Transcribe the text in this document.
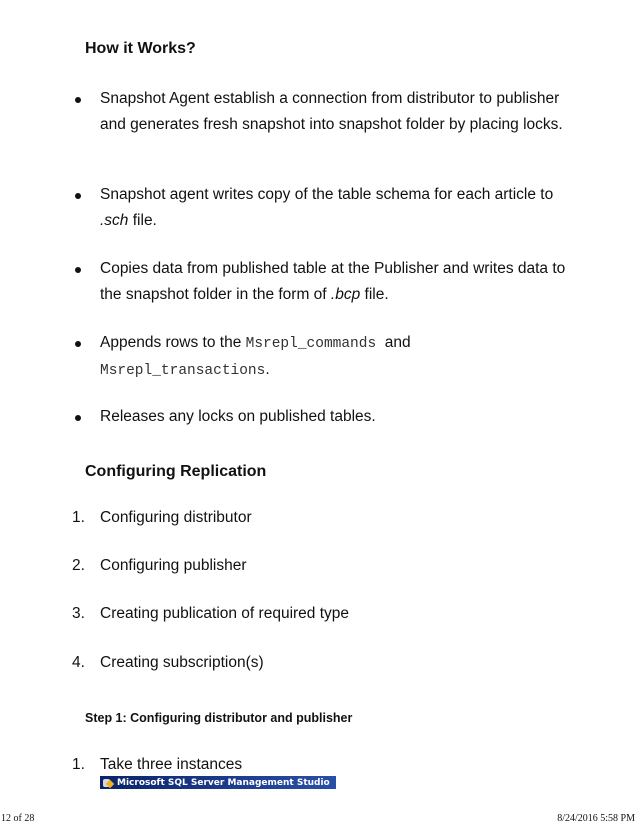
How it Works?
Snapshot Agent establish a connection from distributor to publisher and generates fresh snapshot into snapshot folder by placing locks.
Snapshot agent writes copy of the table schema for each article to .sch file.
Copies data from published table at the Publisher and writes data to the snapshot folder in the form of .bcp file.
Appends rows to the Msrepl_commands  and
Msrepl_transactions.
Releases any locks on published tables.
Configuring Replication
1. Configuring distributor
2. Configuring publisher
3. Creating publication of required type
4. Creating subscription(s)
Step 1: Configuring distributor and publisher
1. Take three instances
Microsoft SQL Server Management Studio
12 of 28	8/24/2016 5:58 PM
